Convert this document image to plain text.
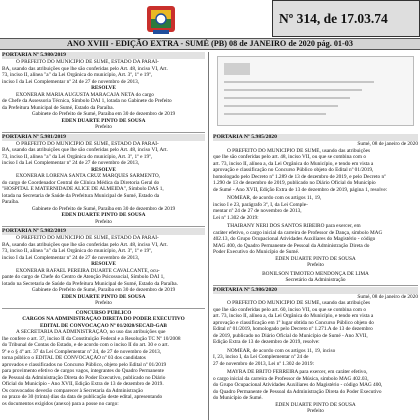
Nº 314, de 17.03.74
ANO XVIII - EDIÇÃO EXTRA - SUMÉ (PB) 08 de JANEIRO de 2020 pág. 01-03
PORTARIA Nº 5.980/2019
O PREFEITO DO MUNICÍPIO DE SUMÉ, ESTADO DA PARAÍ-
BA, usando das atribuições que lhe são conferidas pelo Art. 48, inciso VI, Art.
73, inciso II, alínea "a" da Lei Orgânica do município, Art. 3º, 1º e 19º,
inciso I da Lei Complementar nº 24 de 27 de novembro de 2013,
RESOLVE
EXONERAR MARIA AUGUSTA MARACAJÁ NETA do cargo
de Chefe da Assessoria Técnica, Símbolo DAI 1, lotada no Gabinete do Prefeito
da Prefeitura Municipal de Sumé, Estado da Paraíba.
Gabinete do Prefeito de Sumé, Paraíba em 30 de dezembro de 2019
ÉDEN DUARTE PINTO DE SOUSA
Prefeito
PORTARIA Nº 5.981/2019
O PREFEITO DO MUNICÍPIO DE SUMÉ, ESTADO DA PARAÍ-
BA, usando das atribuições que lhe são conferidas pelo Art. 48, inciso VI, Art.
73, inciso II, alínea "a" da Lei Orgânica do município, Art. 3º, 1º e 19º,
inciso I da Lei Complementar nº 24 de 27 de novembro de 2013,
RESOLVE
EXONERAR LORENA SANTA CRUZ MARQUES SARMENTO,
do cargo de Coordenador Central de Clínica Médica da Diretoria Geral do
"HOSPITAL E MATERNIDADE ALICE DE ALMEIDA", Símbolo DAS 1,
lotada na Secretaria de Saúde da Prefeitura Municipal de Sumé, Estado da
Paraíba.
Gabinete do Prefeito de Sumé, Paraíba em 30 de dezembro de 2019
ÉDEN DUARTE PINTO DE SOUSA
Prefeito
PORTARIA Nº 5.982/2019
O PREFEITO DO MUNICÍPIO DE SUMÉ, ESTADO DA PARAÍ-
BA, usando das atribuições que lhe são conferidas pelo Art. 48, inciso VI, Art.
73, inciso II, alínea "a" da Lei Orgânica do município, Art. 3º, 1º e 19º,
inciso I da Lei Complementar nº 24 de 27 de novembro de 2013,
RESOLVE
EXONERAR RAFAEL PEREIRA DUARTE CAVALCANTE, ocu-
pante do cargo de Chefe do Centro de Atenção Psicossocial, Símbolo DAI 1,
lotado na Secretaria de Saúde da Prefeitura Municipal de Sumé, Estado da Paraíba.
Gabinete do Prefeito de Sumé, Paraíba em 30 de dezembro de 2019
ÉDEN DUARTE PINTO DE SOUSA
Prefeito
CONCURSO PÚBLICO
CARGOS NA ADMINISTRAÇÃO DIRETA DO PODER EXECUTIVO
EDITAL DE CONVOCAÇÃO Nº 01/2020/SECAD-GAB
A SECRETARIA DA ADMINISTRAÇÃO, no uso das atribuições que
lhe confere o art. 37, inciso II da Constituição Federal e a Resolução TC Nº 10/2008
do Tribunal de Contas do Estado, e de acordo com o inciso II do art. 30 e o art.
9º e o § 4º art. 37 da Lei Complementar nº 24, de 27 de novembro de 2013,
torna público o EDITAL DE CONVOCAÇÃO nº 03 dos candidatos
aprovados e classificados no Concurso Público, objeto pelo Edital nº 01/2019
para provimento efetivo de cargos vagos, integrantes do Quadro Permanente
de Pessoal da Administração Direta do Poder Executivo, publicado no Diário
Oficial do Município - Ano XVII, Edição Extra de 13 de dezembro de 2019.
Os convocados deverão comparecer à Secretaria da Administração
no prazo de 30 (trinta) dias da data de publicação deste edital, apresentando
os documentos exigidos (anexo) para a posse no cargo:
PORTARIA Nº 5.985/2020
Sumé, 08 de janeiro de 2020
O PREFEITO DO MUNICÍPIO DE SUMÉ, usando das atribuições
que lhe são conferidas pelo art. 48, inciso VII, ou que se combina com o
art. 73, inciso II, alínea a, da Lei Orgânica do Município, e tendo em vista a
aprovação e classificação no Concurso Público objeto do Edital nº 01/2019,
homologado pelo Decreto nº 1.289 de 13 de dezembro de 2019, e pelo Decreto nº
1.290 de 13 de dezembro de 2019, publicado no Diário Oficial do Município
de Sumé - Ano XVII, Edição Extra de 13 de dezembro de 2019, página 1, resolve:
NOMEAR, de acordo com os artigos 11, 19,
inciso I e 23, parágrafo 3º, I, da Lei Comple-
mentar nº 24 de 27 de novembro de 2013,
Lei nº 1.302 de 2019:
THAIBANY NERI DOS SANTOS RIBEIRO para exercer, em
caráter efetivo, o cargo inicial da carreira de Professor de Dança, símbolo MAG
402.13, do Grupo Ocupacional Atividades Auxiliares do Magistério - código
MAG 400, do Quadro Permanente de Pessoal da Administração Direta do
Poder Executivo do Município de Sumé.
ÉDEN DUARTE PINTO DE SOUSA
Prefeito
BONILSON TIMOTEO MENDONÇA DE LIMA
Secretário da Administração
PORTARIA Nº 5.986/2020
Sumé, 08 de janeiro de 2020
O PREFEITO DO MUNICÍPIO DE SUMÉ, usando das atribuições
que lhe são conferidas pelo art. 60, inciso VII, ou que se combina com o
art. 73, inciso II, alínea a, da Lei Orgânica do Município, e tendo em vista a
aprovação e classificação em 1º lugar obtida no Concurso Público objeto do
Edital nº 01/2019, homologado pelo Decreto nº 1.271.A de 13 de dezembro
de 2019, publicado no Diário Oficial do Município de Sumé - Ano XVII,
Edição Extra de 13 de dezembro de 2019, resolve:
NOMEAR, de acordo com os artigos 11, 19, inciso
I, 23, inciso I, da Lei Complementar nº 24 de
27 de novembro de 2013, Lei nº 1.302 de 2019:
MAYRA DE BRITO FERREIRA para exercer, em caráter efetivo,
o cargo inicial da carreira de Professor de Música, símbolo MAG 402.03,
do Grupo Ocupacional Atividades Auxiliares do Magistério - código MAG 400,
do Quadro Permanente de Pessoal da Administração Direta do Poder Executivo
do Município de Sumé.
ÉDEN DUARTE PINTO DE SOUSA
Prefeito
